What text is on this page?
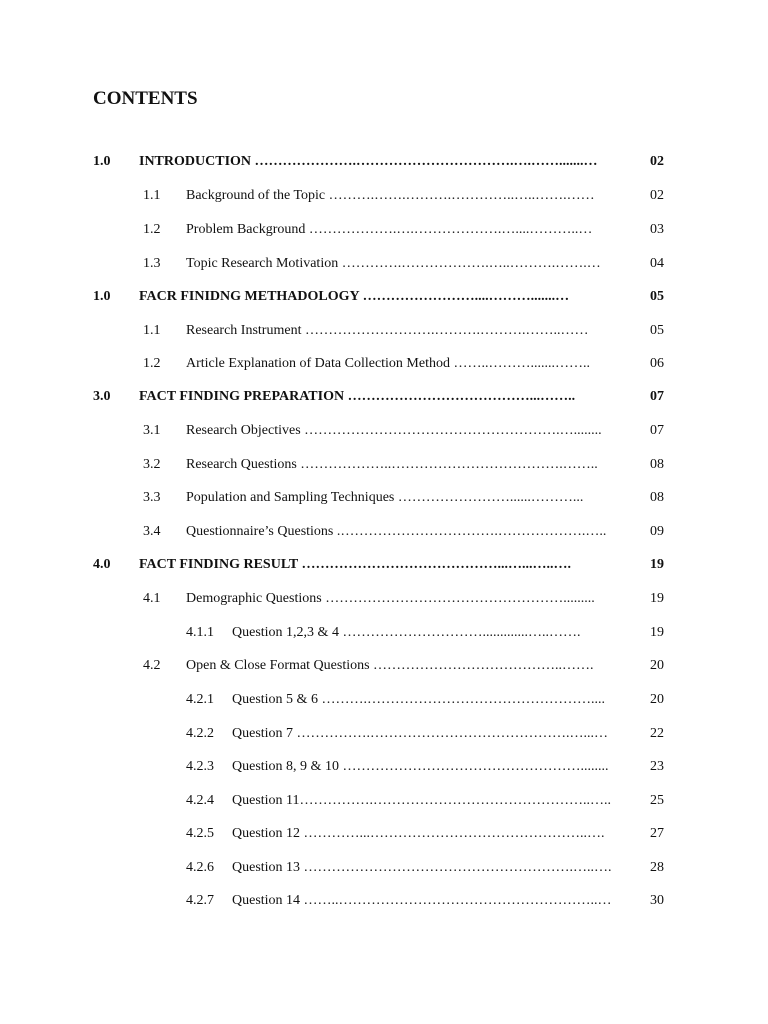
CONTENTS
1.0 INTRODUCTION ………………….…………………………….….…….......…	02
1.1 Background of the Topic ……….…….……….…………..…..…….……	02
1.2 Problem Background ……………….….……………….…....………..…	03
1.3 Topic Research Motivation ………….……………….…..……….…….…	04
1.0 FACR FINIDNG METHADOLOGY ……………………....……….......…	05
1.1 Research Instrument ……………………….……….……….……..……	05
1.2 Article Explanation of Data Collection Method ……..……….......……..	06
3.0 FACT FINDING PREPARATION …………………………………...……..	07
3.1 Research Objectives ……………………………………………….…........	07
3.2 Research Questions ………………..……………………………….……..	08
3.3 Population and Sampling Techniques ……………………......………...	08
3.4 Questionnaire’s Questions .…………………………….……………….…..	09
4.0 FACT FINDING RESULT ……………………………………...…...…..….	19
4.1 Demographic Questions …………………………………………….........	19
4.1.1 Question 1,2,3 & 4 ………………………….............…..…….	19
4.2 Open & Close Format Questions …………………………………..…….	20
4.2.1 Question 5 & 6 ……….…………………………………………....	20
4.2.2 Question 7 …………….…………………………………….…...…	22
4.2.3 Question 8, 9 & 10 ……………………………………………........	23
4.2.4 Question 11…………….………………………………………..…..	25
4.2.5 Question 12 …………...………………………………………..….	27
4.2.6 Question 13 ………………………………………………….…..….	28
4.2.7 Question 14 ……..………………………………………………..…	30
